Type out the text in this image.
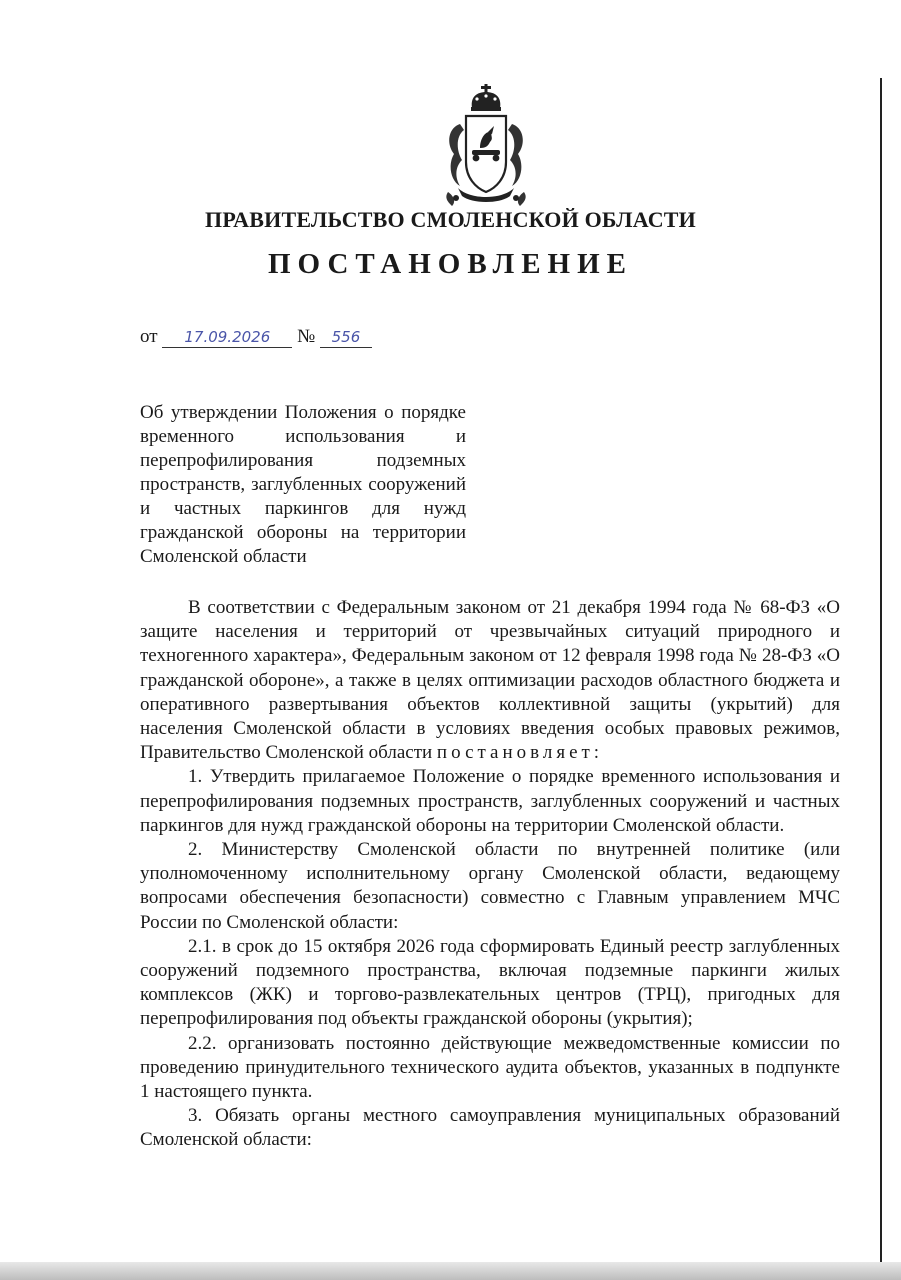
ПРАВИТЕЛЬСТВО СМОЛЕНСКОЙ ОБЛАСТИ
ПОСТАНОВЛЕНИЕ
от 17.09.2026 № 556

Об утверждении Положения о порядке временного использования и перепрофилирования подземных пространств, заглубленных сооружений и частных паркингов для нужд гражданской обороны на территории Смоленской области

В соответствии с Федеральным законом от 21 декабря 1994 года № 68-ФЗ «О защите населения и территорий от чрезвычайных ситуаций природного и техногенного характера», Федеральным законом от 12 февраля 1998 года № 28-ФЗ «О гражданской обороне», а также в целях оптимизации расходов областного бюджета и оперативного развертывания объектов коллективной защиты (укрытий) для населения Смоленской области в условиях введения особых правовых режимов, Правительство Смоленской области постановляет:

1. Утвердить прилагаемое Положение о порядке временного использования и перепрофилирования подземных пространств, заглубленных сооружений и частных паркингов для нужд гражданской обороны на территории Смоленской области.

2. Министерству Смоленской области по внутренней политике (или уполномоченному исполнительному органу Смоленской области, ведающему вопросами обеспечения безопасности) совместно с Главным управлением МЧС России по Смоленской области:

2.1. в срок до 15 октября 2026 года сформировать Единый реестр заглубленных сооружений подземного пространства, включая подземные паркинги жилых комплексов (ЖК) и торгово-развлекательных центров (ТРЦ), пригодных для перепрофилирования под объекты гражданской обороны (укрытия);

2.2. организовать постоянно действующие межведомственные комиссии по проведению принудительного технического аудита объектов, указанных в подпункте 1 настоящего пункта.

3. Обязать органы местного самоуправления муниципальных образований Смоленской области:
